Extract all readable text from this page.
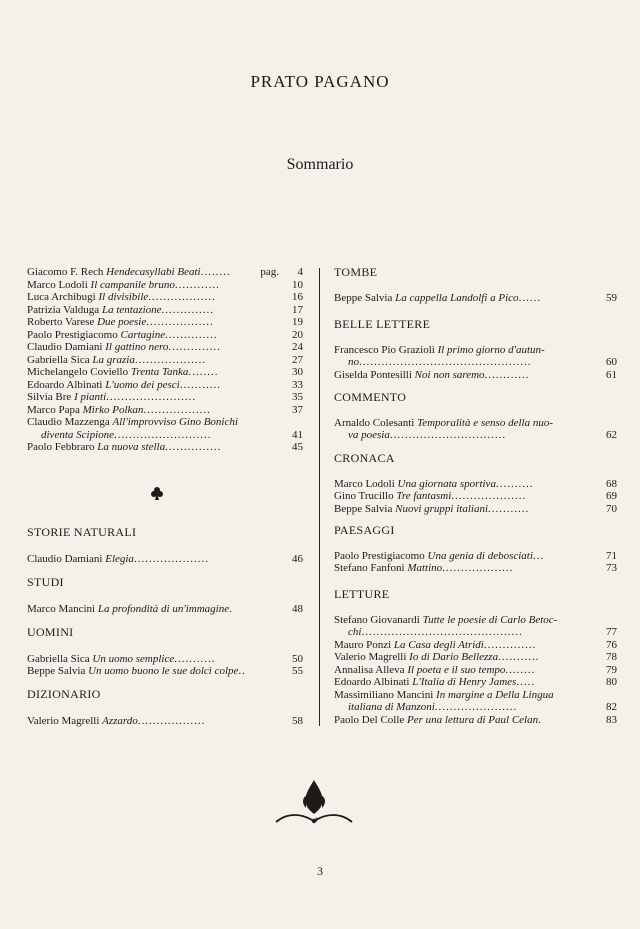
PRATO PAGANO
Sommario
Giacomo F. Rech Hendecasyllabi Beati........	pag.	4
Marco Lodoli Il campanile bruno............	10
Luca Archibugi Il divisibile..................	16
Patrizia Valduga La tentazione..............	17
Roberto Varese Due poesie..................	19
Paolo Prestigiacomo Cartagine..............	20
Claudio Damiani Il gattino nero..............	24
Gabriella Sica La grazia...................	27
Michelangelo Coviello Trenta Tanka........	30
Edoardo Albinati L'uomo dei pesci...........	33
Silvia Bre I pianti........................	35
Marco Papa Mirko Polkan..................	37
Claudio Mazzenga All'improvviso Gino Bonichi
diventa Scipione..........................	41
Paolo Febbraro La nuova stella...............	45

STORIE NATURALI

Claudio Damiani Elegia....................	46

STUDI

Marco Mancini La profondità di un'immagine.	48

UOMINI

Gabriella Sica Un uomo semplice...........	50
Beppe Salvia Un uomo buono le sue dolci colpe..	55

DIZIONARIO

Valerio Magrelli Azzardo..................	58

TOMBE

Beppe Salvia La cappella Landolfi a Pico......	59

BELLE LETTERE

Francesco Pio Grazioli Il primo giorno d'autun-
no..............................................	60
Giselda Pontesilli Noi non saremo............	61

COMMENTO

Arnaldo Colesanti Temporalità e senso della nuo-
va poesia...............................	62

CRONACA

Marco Lodoli Una giornata sportiva..........	68
Gino Trucillo Tre fantasmi....................	69
Beppe Salvia Nuovi gruppi italiani...........	70

PAESAGGI

Paolo Prestigiacomo Una genia di debosciati...	71
Stefano Fanfoni Mattino...................	73

LETTURE

Stefano Giovanardi Tutte le poesie di Carlo Betoc-
chi...........................................	77
Mauro Ponzi La Casa degli Atridi..............	76
Valerio Magrelli Io di Dario Bellezza...........	78
Annalisa Alleva Il poeta e il suo tempo........	79
Edoardo Albinati L'Italia di Henry James.....	80
Massimiliano Mancini In margine a Della Lingua
italiana di Manzoni......................	82
Paolo Del Colle Per una lettura di Paul Celan.	83
3
